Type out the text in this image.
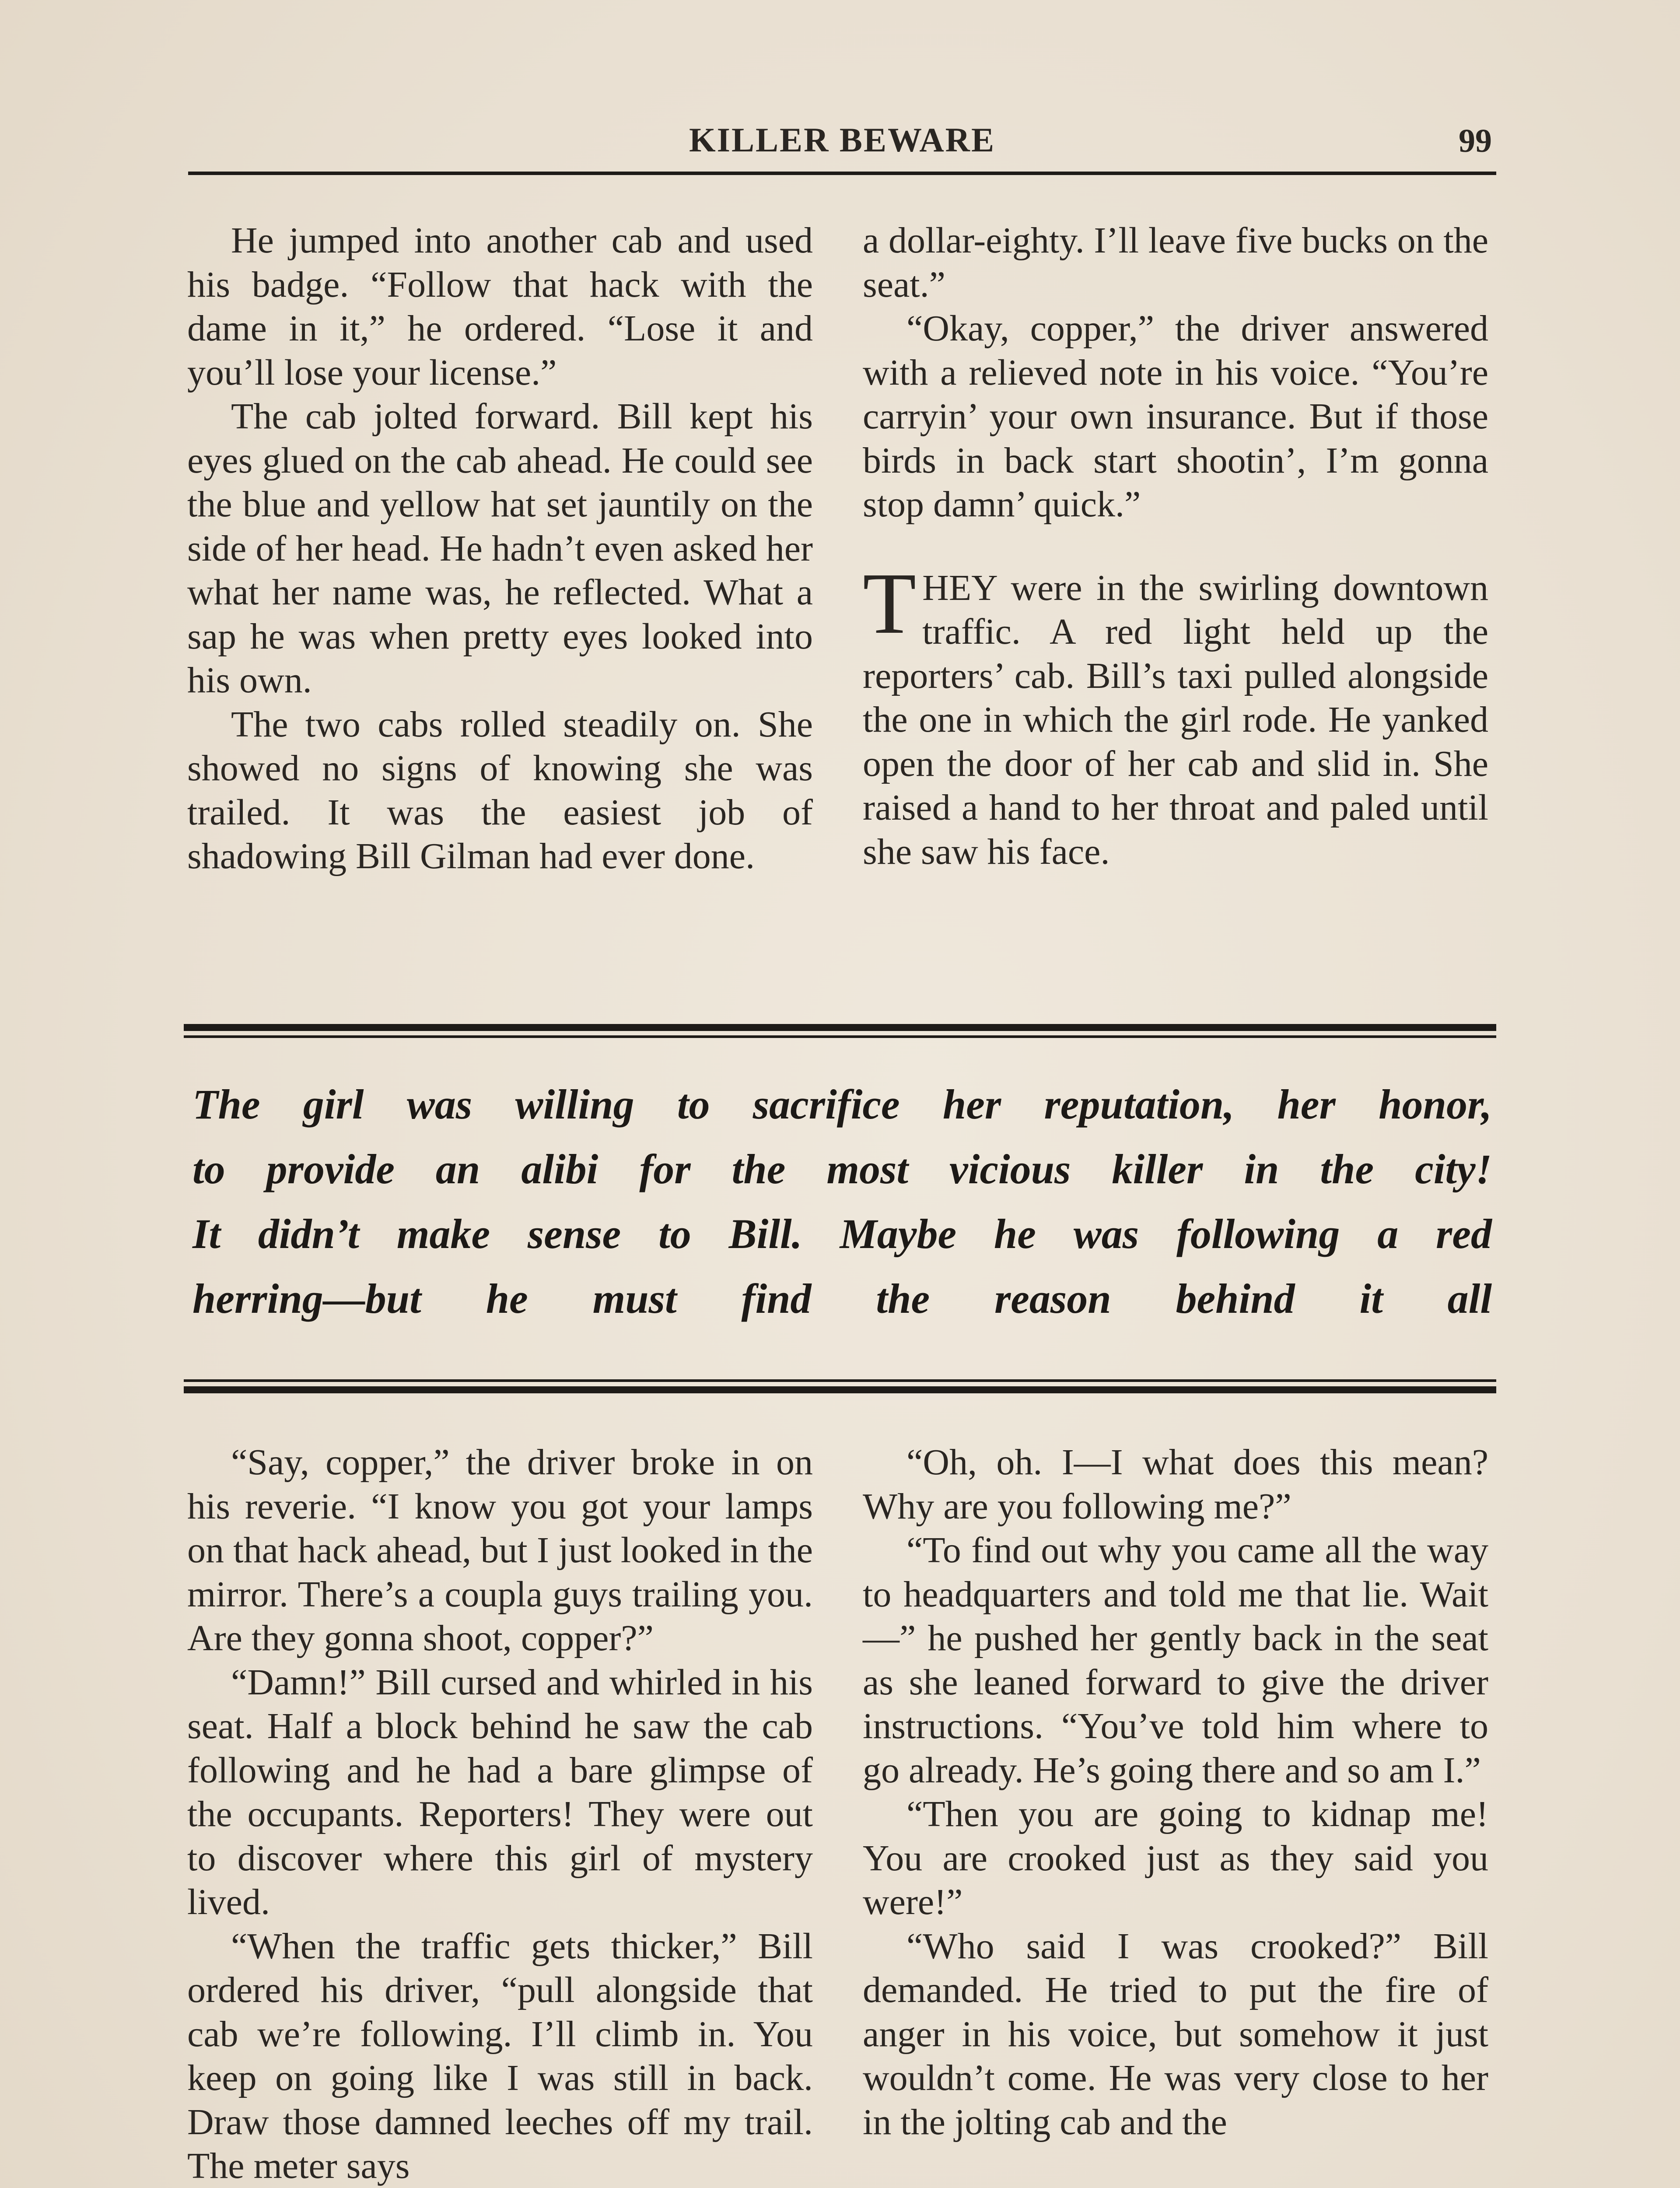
KILLER BEWARE	99

He jumped into another cab and used his badge. “Follow that hack with the dame in it,” he ordered. “Lose it and you’ll lose your license.”

The cab jolted forward. Bill kept his eyes glued on the cab ahead. He could see the blue and yellow hat set jauntily on the side of her head. He hadn’t even asked her what her name was, he reflected. What a sap he was when pretty eyes looked into his own.

The two cabs rolled steadily on. She showed no signs of knowing she was trailed. It was the easiest job of shadowing Bill Gilman had ever done.

a dollar-eighty. I’ll leave five bucks on the seat.”

“Okay, copper,” the driver answered with a relieved note in his voice. “You’re carryin’ your own insurance. But if those birds in back start shootin’, I’m gonna stop damn’ quick.”

THEY were in the swirling downtown traffic. A red light held up the reporters’ cab. Bill’s taxi pulled alongside the one in which the girl rode. He yanked open the door of her cab and slid in. She raised a hand to her throat and paled until she saw his face.

The girl was willing to sacrifice her reputation, her honor,
to provide an alibi for the most vicious killer in the city!
It didn’t make sense to Bill. Maybe he was following a red
herring—but he must find the reason behind it all

“Say, copper,” the driver broke in on his reverie. “I know you got your lamps on that hack ahead, but I just looked in the mirror. There’s a coupla guys trailing you. Are they gonna shoot, copper?”

“Damn!” Bill cursed and whirled in his seat. Half a block behind he saw the cab following and he had a bare glimpse of the occupants. Reporters! They were out to discover where this girl of mystery lived.

“When the traffic gets thicker,” Bill ordered his driver, “pull alongside that cab we’re following. I’ll climb in. You keep on going like I was still in back. Draw those damned leeches off my trail. The meter says

“Oh, oh. I—I what does this mean? Why are you following me?”

“To find out why you came all the way to headquarters and told me that lie. Wait—” he pushed her gently back in the seat as she leaned forward to give the driver instructions. “You’ve told him where to go already. He’s going there and so am I.”

“Then you are going to kidnap me! You are crooked just as they said you were!”

“Who said I was crooked?” Bill demanded. He tried to put the fire of anger in his voice, but somehow it just wouldn’t come. He was very close to her in the jolting cab and the
